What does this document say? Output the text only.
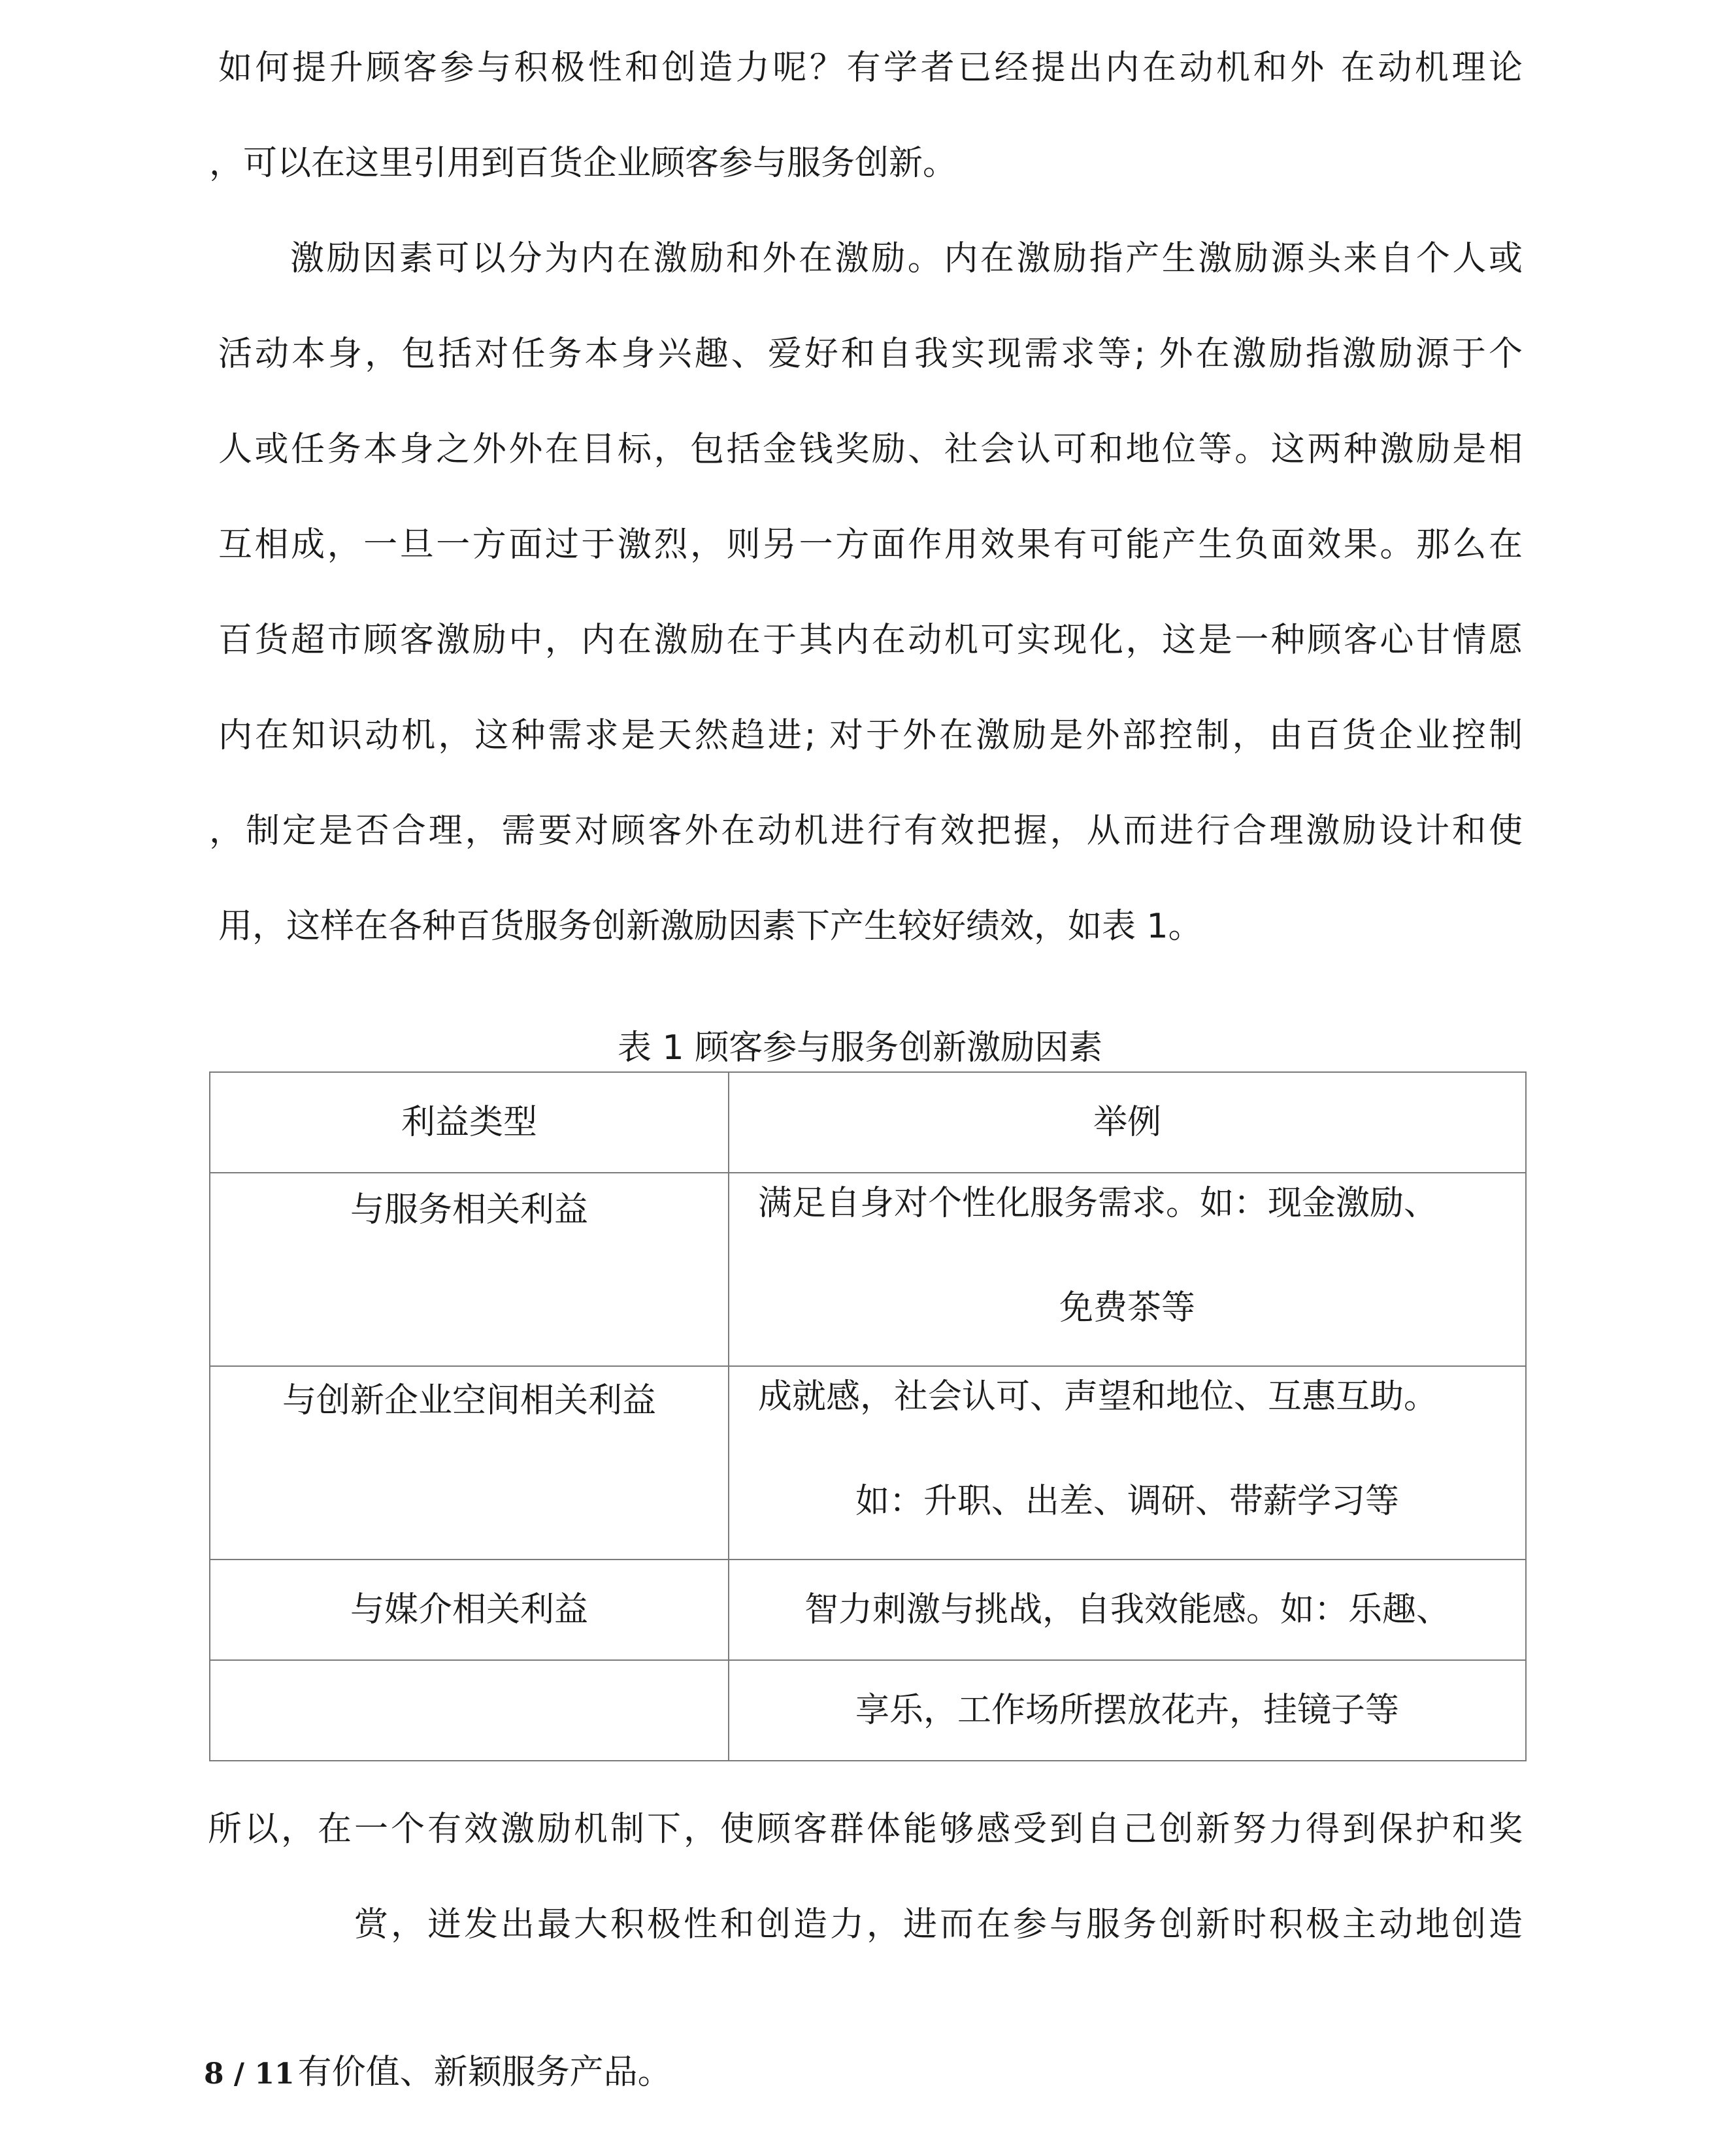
如何提升顾客参与积极性和创造力呢？有学者已经提出内在动机和外 在动机理论
，可以在这里引用到百货企业顾客参与服务创新。
激励因素可以分为内在激励和外在激励。内在激励指产生激励源头来自个人或
活动本身，包括对任务本身兴趣、爱好和自我实现需求等; 外在激励指激励源于个
人或任务本身之外外在目标，包括金钱奖励、社会认可和地位等。这两种激励是相
互相成，一旦一方面过于激烈，则另一方面作用效果有可能产生负面效果。那么在
百货超市顾客激励中，内在激励在于其内在动机可实现化，这是一种顾客心甘情愿
内在知识动机，这种需求是天然趋进; 对于外在激励是外部控制，由百货企业控制
，制定是否合理，需要对顾客外在动机进行有效把握，从而进行合理激励设计和使
用，这样在各种百货服务创新激励因素下产生较好绩效，如表 1。
表 1 顾客参与服务创新激励因素
利益类型	举例

与服务相关利益	满足自身对个性化服务需求。如：现金激励、
免费茶等

与创新企业空间相关利益	成就感，社会认可、声望和地位、互惠互助。
如：升职、出差、调研、带薪学习等

与媒介相关利益	智力刺激与挑战，自我效能感。如：乐趣、
	享乐，工作场所摆放花卉，挂镜子等
所以，在一个有效激励机制下，使顾客群体能够感受到自己创新努力得到保护和奖
赏，迸发出最大积极性和创造力，进而在参与服务创新时积极主动地创造
8 / 11 有价值、新颖服务产品。
